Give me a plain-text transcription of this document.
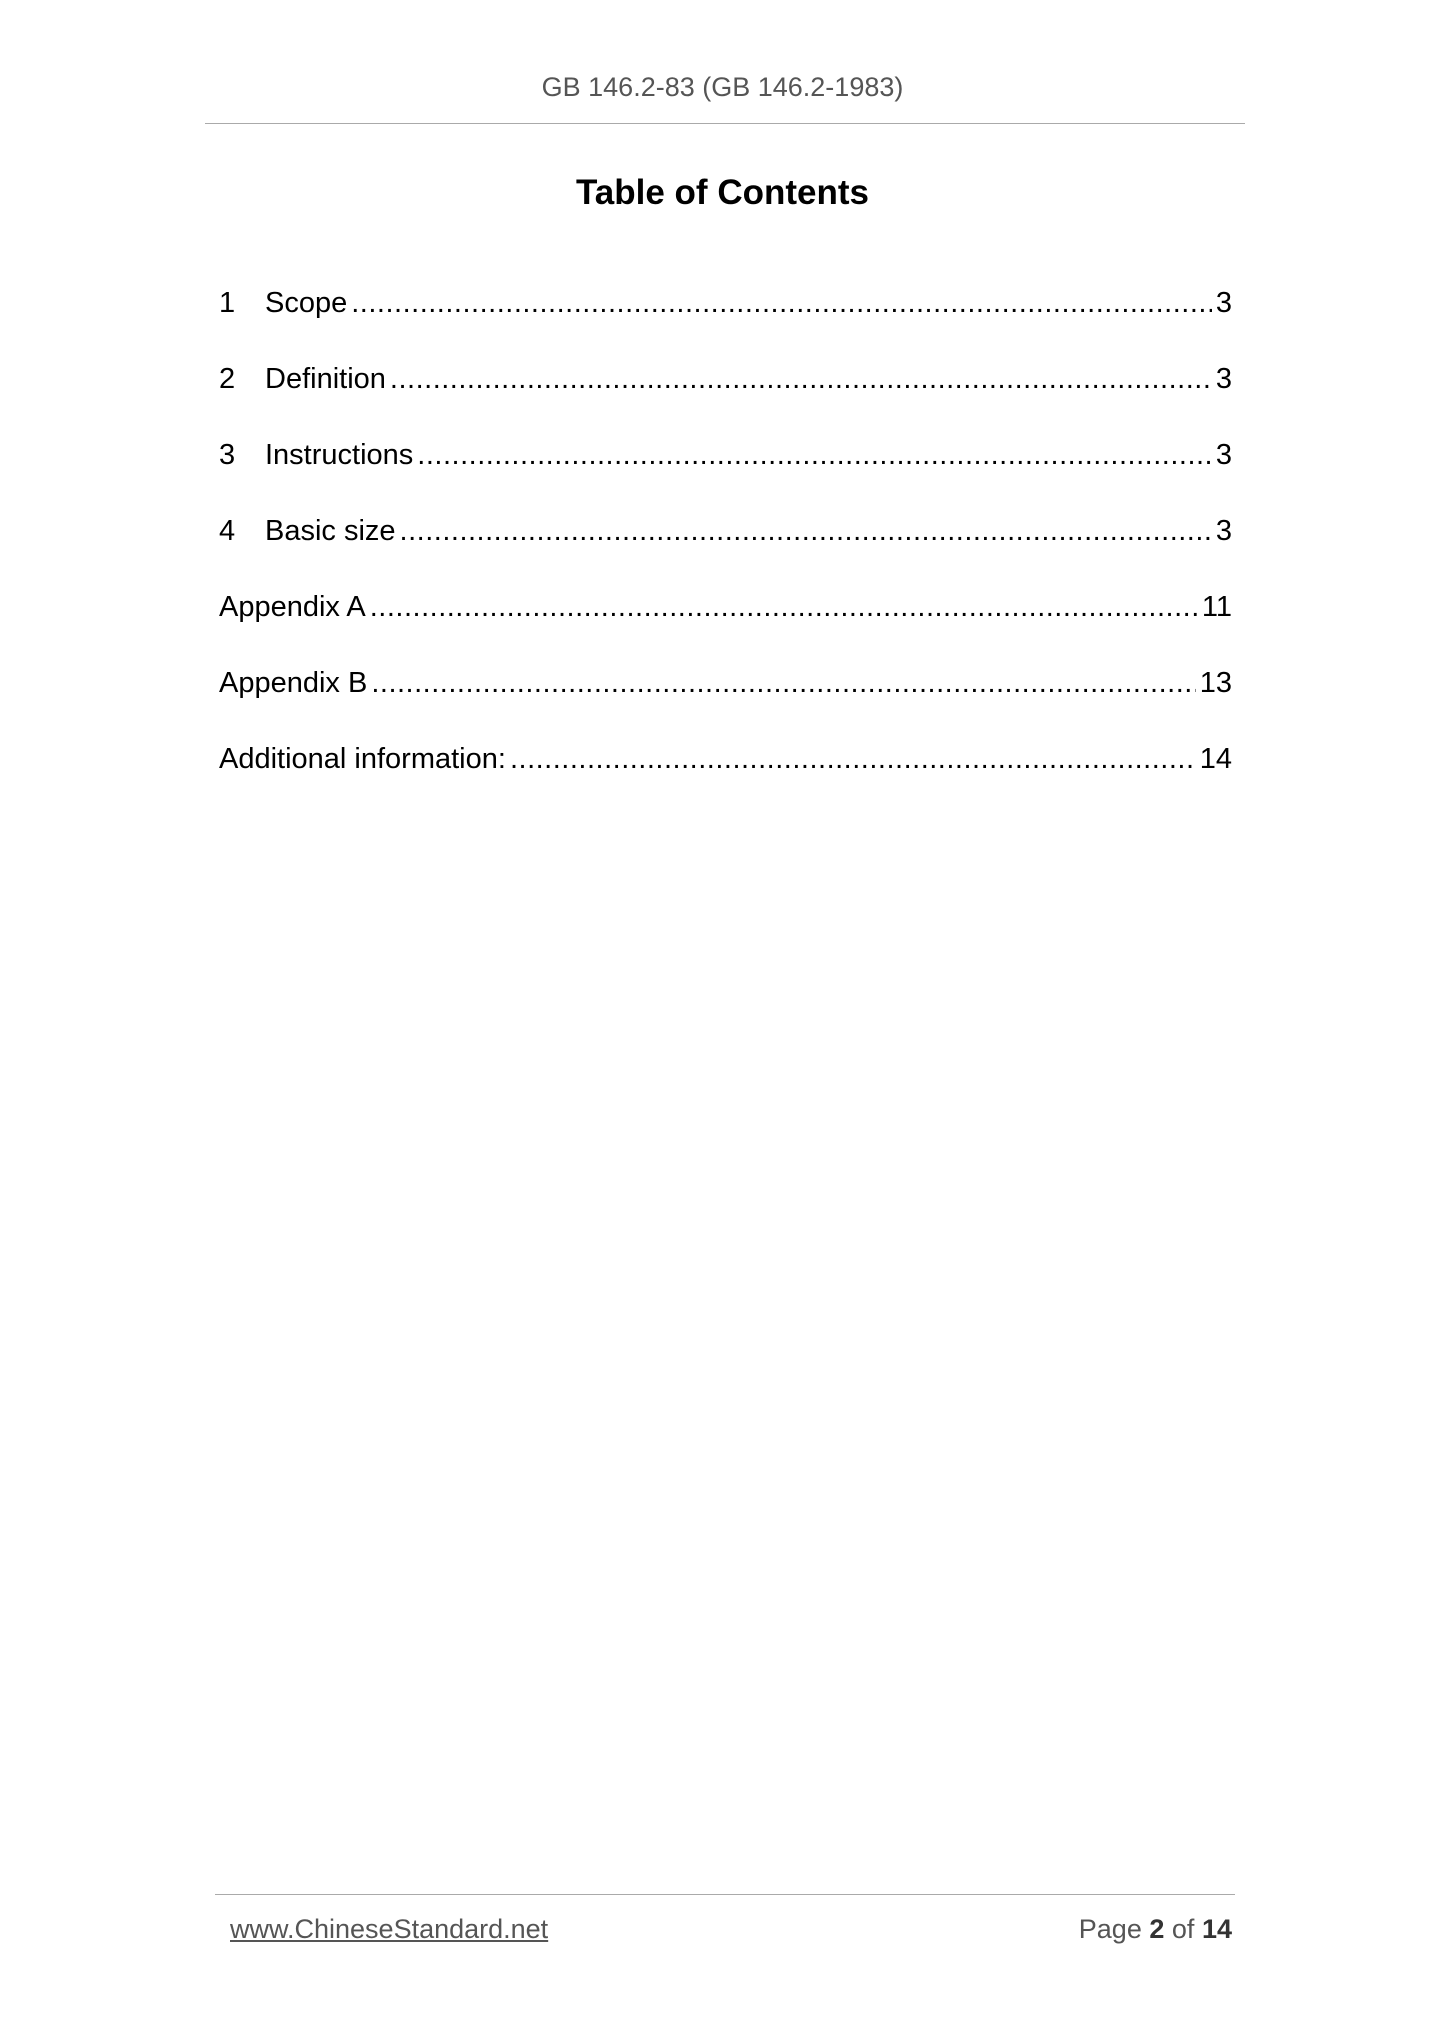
GB 146.2-83 (GB 146.2-1983)
Table of Contents
1	Scope .....	3
2	Definition .....	3
3	Instructions .....	3
4	Basic size .....	3
Appendix A .....	11
Appendix B .....	13
Additional information: .....	14
www.ChineseStandard.net	Page 2 of 14
